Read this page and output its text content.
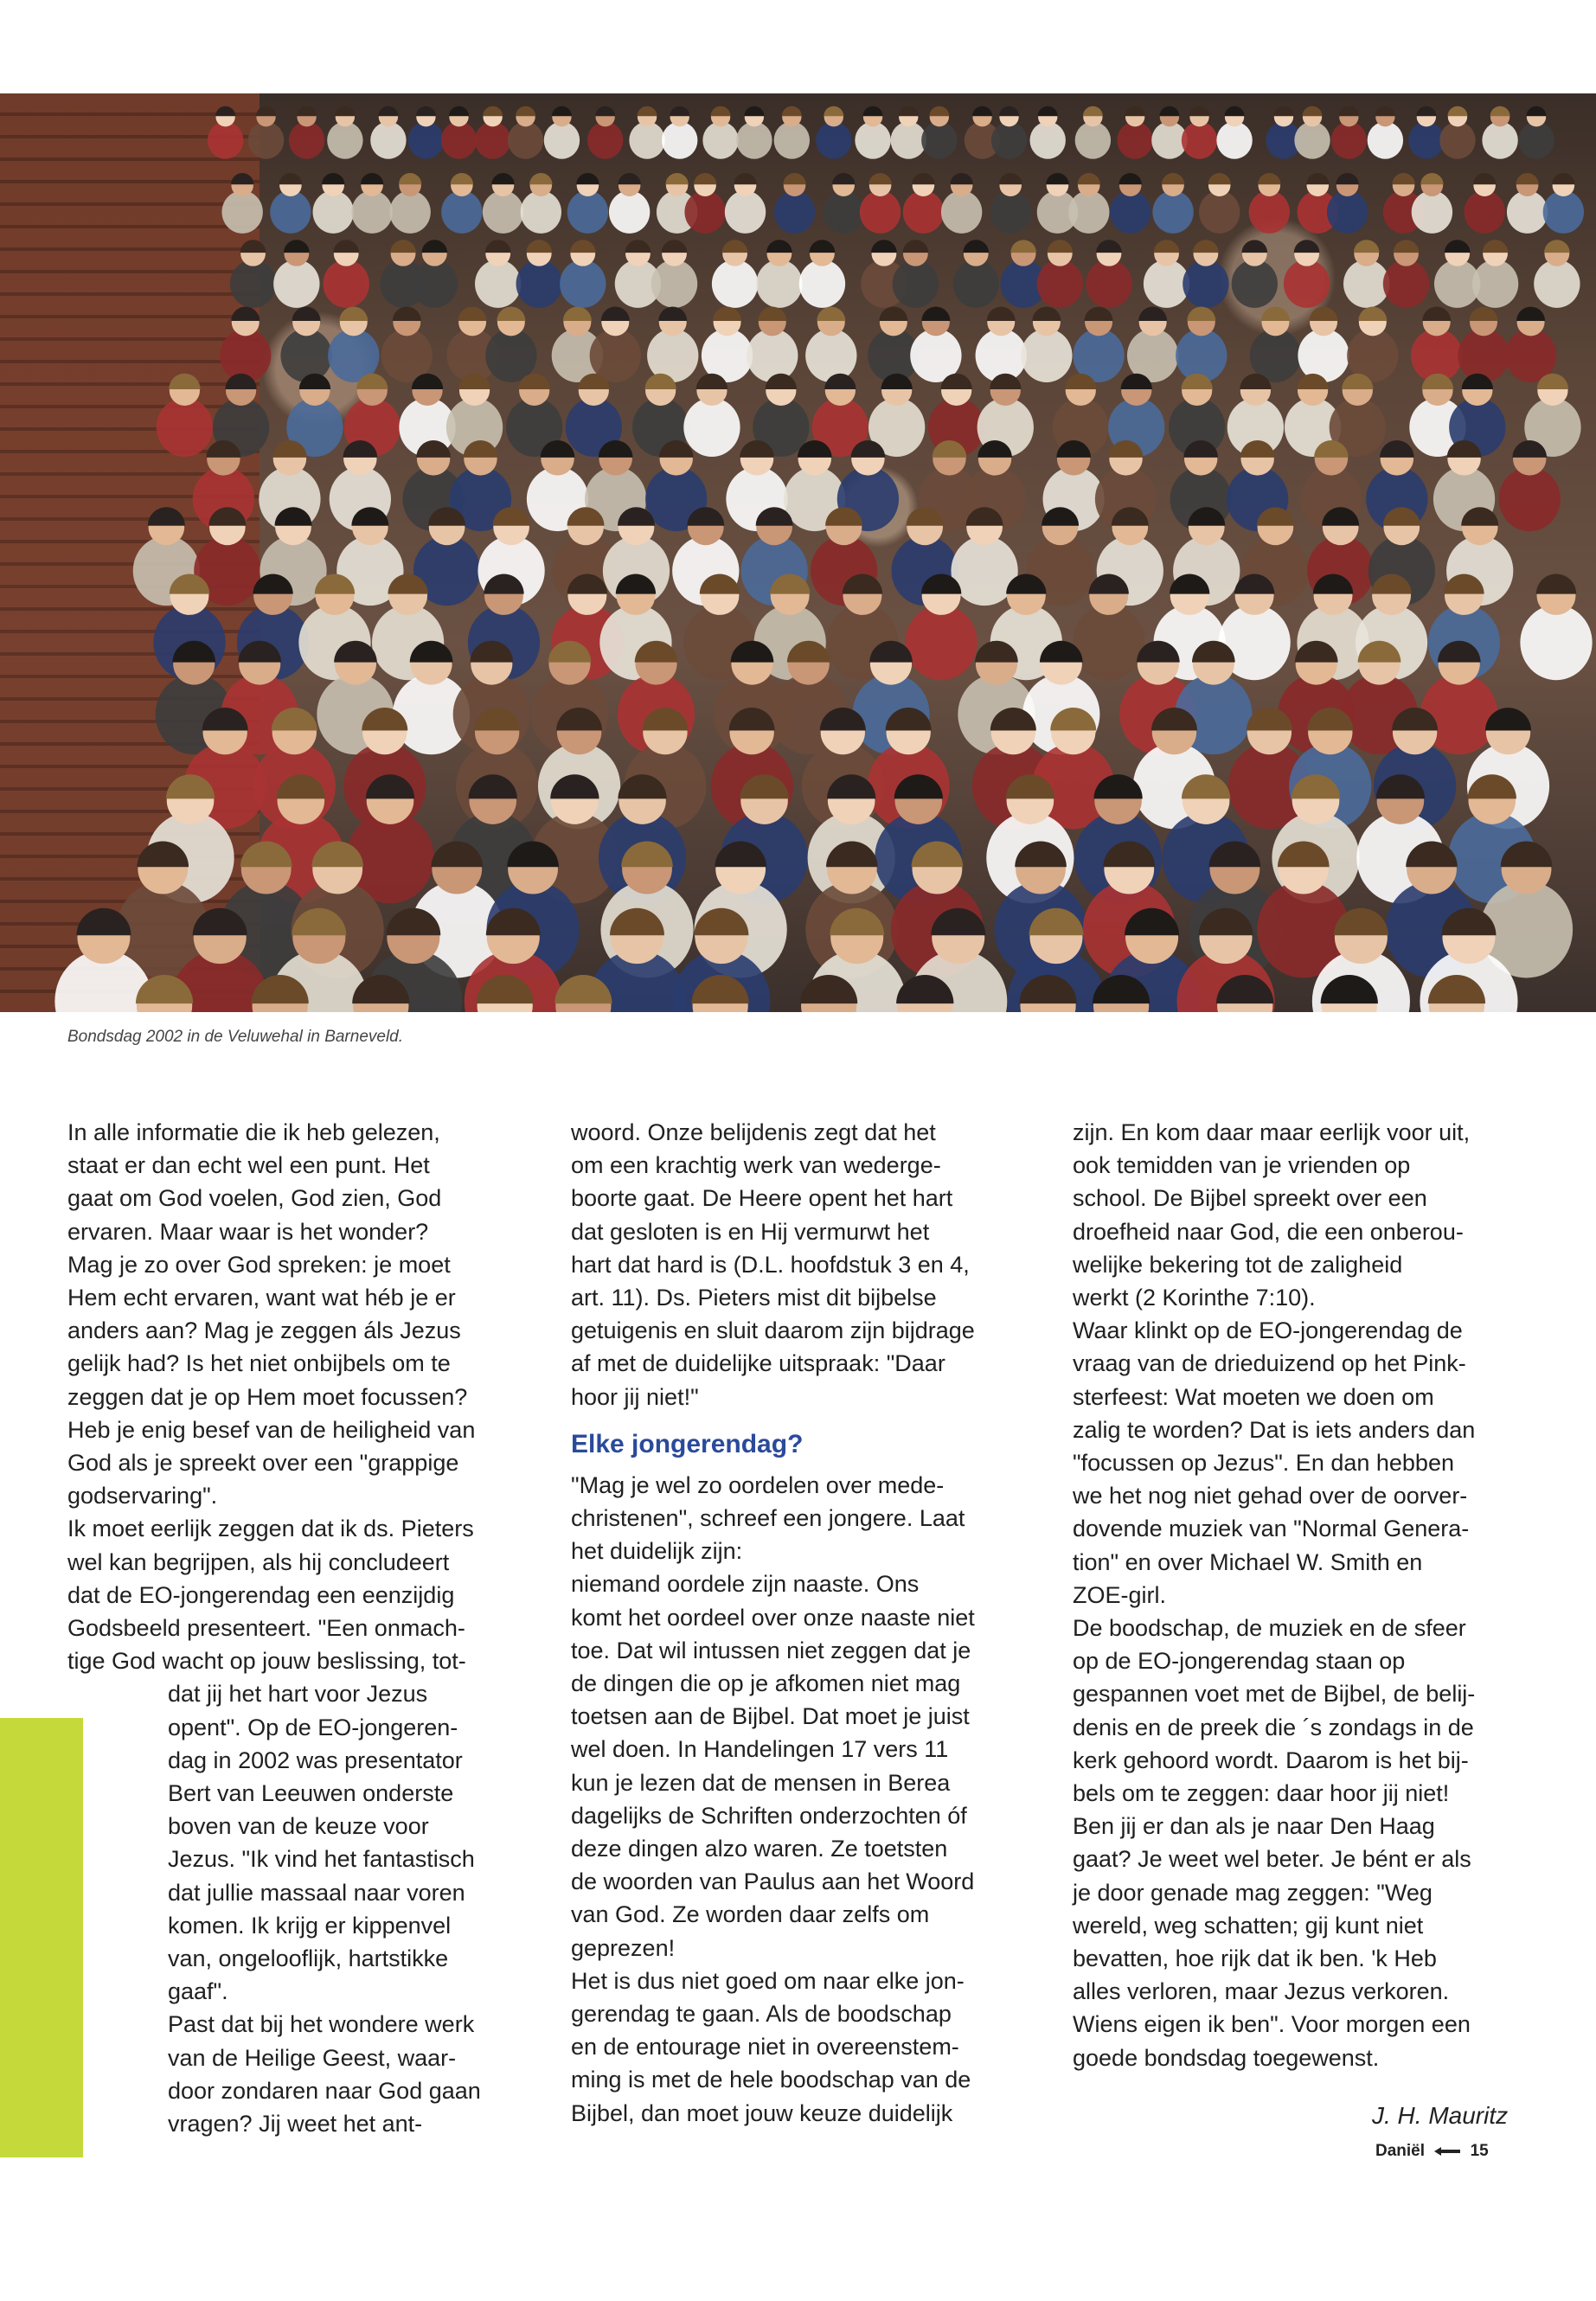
Bondsdag 2002 in de Veluwehal in Barneveld.

In alle informatie die ik heb gelezen,

staat er dan echt wel een punt. Het

gaat om God voelen, God zien, God

ervaren. Maar waar is het wonder?

Mag je zo over God spreken: je moet

Hem echt ervaren, want wat héb je er

anders aan? Mag je zeggen áls Jezus

gelijk had? Is het niet onbijbels om te

zeggen dat je op Hem moet focussen?

Heb je enig besef van de heiligheid van

God als je spreekt over een "grappige

godservaring".

Ik moet eerlijk zeggen dat ik ds. Pieters

wel kan begrijpen, als hij concludeert

dat de EO-jongerendag een eenzijdig

Godsbeeld presenteert. "Een onmach-

tige God wacht op jouw beslissing, tot-

dat jij het hart voor Jezus

opent". Op de EO-jongeren-

dag in 2002 was presentator

Bert van Leeuwen onderste

boven van de keuze voor

Jezus. "Ik vind het fantastisch

dat jullie massaal naar voren

komen. Ik krijg er kippenvel

van, ongelooflijk, hartstikke

gaaf".

Past dat bij het wondere werk

van de Heilige Geest, waar-

door zondaren naar God gaan

vragen? Jij weet het ant-

woord. Onze belijdenis zegt dat het

om een krachtig werk van wederge-

boorte gaat. De Heere opent het hart

dat gesloten is en Hij vermurwt het

hart dat hard is (D.L. hoofdstuk 3 en 4,

art. 11). Ds. Pieters mist dit bijbelse

getuigenis en sluit daarom zijn bijdrage

af met de duidelijke uitspraak: "Daar

hoor jij niet!"

Elke jongerendag?

"Mag je wel zo oordelen over mede-

christenen", schreef een jongere. Laat

het duidelijk zijn:

niemand oordele zijn naaste. Ons

komt het oordeel over onze naaste niet

toe. Dat wil intussen niet zeggen dat je

de dingen die op je afkomen niet mag

toetsen aan de Bijbel. Dat moet je juist

wel doen. In Handelingen 17 vers 11

kun je lezen dat de mensen in Berea

dagelijks de Schriften onderzochten óf

deze dingen alzo waren. Ze toetsten

de woorden van Paulus aan het Woord

van God. Ze worden daar zelfs om

geprezen!

Het is dus niet goed om naar elke jon-

gerendag te gaan. Als de boodschap

en de entourage niet in overeenstem-

ming is met de hele boodschap van de

Bijbel, dan moet jouw keuze duidelijk

zijn. En kom daar maar eerlijk voor uit,

ook temidden van je vrienden op

school. De Bijbel spreekt over een

droefheid naar God, die een onberou-

welijke bekering tot de zaligheid

werkt (2 Korinthe 7:10).

Waar klinkt op de EO-jongerendag de

vraag van de drieduizend op het Pink-

sterfeest: Wat moeten we doen om

zalig te worden? Dat is iets anders dan

"focussen op Jezus". En dan hebben

we het nog niet gehad over de oorver-

dovende muziek van "Normal Genera-

tion" en over Michael W. Smith en

ZOE-girl.

De boodschap, de muziek en de sfeer

op de EO-jongerendag staan op

gespannen voet met de Bijbel, de belij-

denis en de preek die ´s zondags in de

kerk gehoord wordt. Daarom is het bij-

bels om te zeggen: daar hoor jij niet!

Ben jij er dan als je naar Den Haag

gaat? Je weet wel beter. Je bént er als

je door genade mag zeggen: "Weg

wereld, weg schatten; gij kunt niet

bevatten, hoe rijk dat ik ben. 'k Heb

alles verloren, maar Jezus verkoren.

Wiens eigen ik ben". Voor morgen een

goede bondsdag toegewenst.

J. H. Mauritz
Daniël	15
